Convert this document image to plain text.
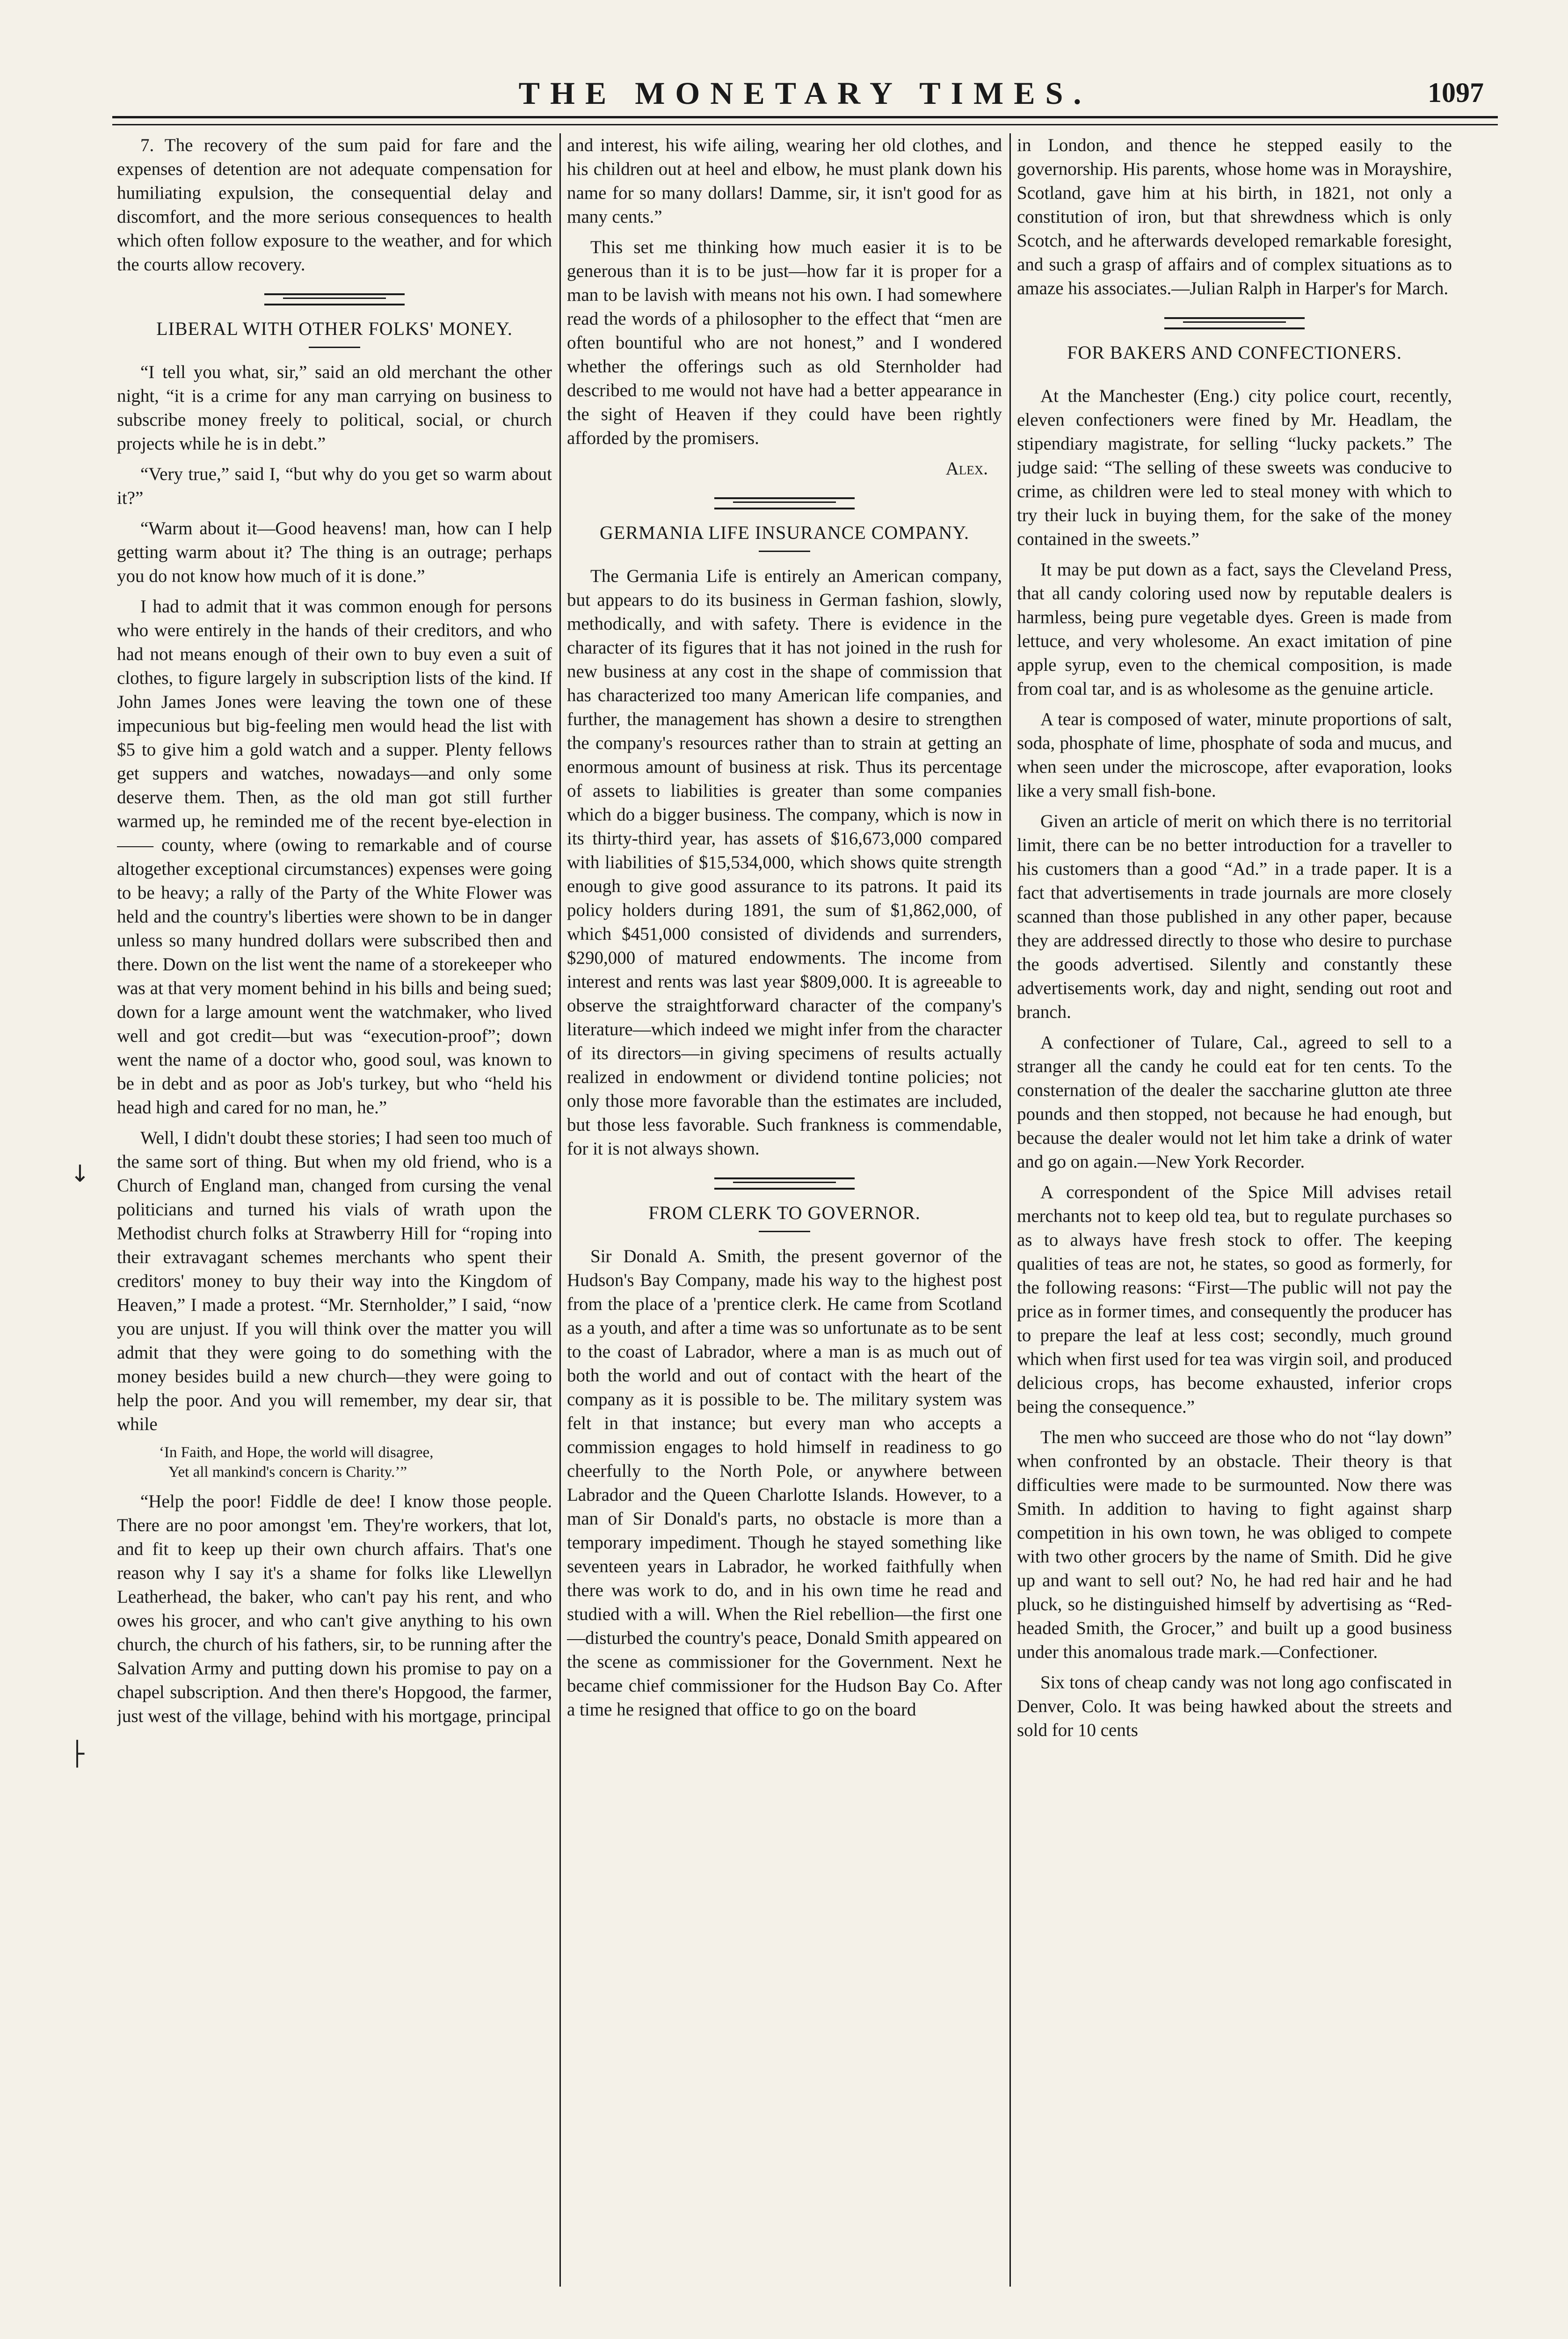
THE MONETARY TIMES.	1097
↓
├

7. The recovery of the sum paid for fare and the expenses of detention are not adequate compensation for humiliating expulsion, the consequential delay and discomfort, and the more serious consequences to health which often follow exposure to the weather, and for which the courts allow recovery.

LIBERAL WITH OTHER FOLKS' MONEY.

“I tell you what, sir,” said an old merchant the other night, “it is a crime for any man carrying on business to subscribe money freely to political, social, or church projects while he is in debt.”

“Very true,” said I, “but why do you get so warm about it?”

“Warm about it—Good heavens! man, how can I help getting warm about it? The thing is an outrage; perhaps you do not know how much of it is done.”

I had to admit that it was common enough for persons who were entirely in the hands of their creditors, and who had not means enough of their own to buy even a suit of clothes, to figure largely in subscription lists of the kind. If John James Jones were leaving the town one of these impecunious but big-feeling men would head the list with $5 to give him a gold watch and a supper. Plenty fellows get suppers and watches, nowadays—and only some deserve them. Then, as the old man got still further warmed up, he reminded me of the recent bye-election in —— county, where (owing to remarkable and of course altogether exceptional circumstances) expenses were going to be heavy; a rally of the Party of the White Flower was held and the country's liberties were shown to be in danger unless so many hundred dollars were subscribed then and there. Down on the list went the name of a storekeeper who was at that very moment behind in his bills and being sued; down for a large amount went the watchmaker, who lived well and got credit—but was “execution-proof”; down went the name of a doctor who, good soul, was known to be in debt and as poor as Job's turkey, but who “held his head high and cared for no man, he.”

Well, I didn't doubt these stories; I had seen too much of the same sort of thing. But when my old friend, who is a Church of England man, changed from cursing the venal politicians and turned his vials of wrath upon the Methodist church folks at Strawberry Hill for “roping into their extravagant schemes merchants who spent their creditors' money to buy their way into the Kingdom of Heaven,” I made a protest. “Mr. Sternholder,” I said, “now you are unjust. If you will think over the matter you will admit that they were going to do something with the money besides build a new church—they were going to help the poor. And you will remember, my dear sir, that while

‘In Faith, and Hope, the world will disagree,
Yet all mankind's concern is Charity.’”

“Help the poor! Fiddle de dee! I know those people. There are no poor amongst 'em. They're workers, that lot, and fit to keep up their own church affairs. That's one reason why I say it's a shame for folks like Llewellyn Leatherhead, the baker, who can't pay his rent, and who owes his grocer, and who can't give anything to his own church, the church of his fathers, sir, to be running after the Salvation Army and putting down his promise to pay on a chapel subscription. And then there's Hopgood, the farmer, just west of the village, behind with his mortgage, principal

and interest, his wife ailing, wearing her old clothes, and his children out at heel and elbow, he must plank down his name for so many dollars! Damme, sir, it isn't good for as many cents.”

This set me thinking how much easier it is to be generous than it is to be just—how far it is proper for a man to be lavish with means not his own. I had somewhere read the words of a philosopher to the effect that “men are often bountiful who are not honest,” and I wondered whether the offerings such as old Sternholder had described to me would not have had a better appearance in the sight of Heaven if they could have been rightly afforded by the promisers.

Alex.
GERMANIA LIFE INSURANCE COMPANY.

The Germania Life is entirely an American company, but appears to do its business in German fashion, slowly, methodically, and with safety. There is evidence in the character of its figures that it has not joined in the rush for new business at any cost in the shape of commission that has characterized too many American life companies, and further, the management has shown a desire to strengthen the company's resources rather than to strain at getting an enormous amount of business at risk. Thus its percentage of assets to liabilities is greater than some companies which do a bigger business. The company, which is now in its thirty-third year, has assets of $16,673,000 compared with liabilities of $15,534,000, which shows quite strength enough to give good assurance to its patrons. It paid its policy holders during 1891, the sum of $1,862,000, of which $451,000 consisted of dividends and surrenders, $290,000 of matured endowments. The income from interest and rents was last year $809,000. It is agreeable to observe the straightforward character of the company's literature—which indeed we might infer from the character of its directors—in giving specimens of results actually realized in endowment or dividend tontine policies; not only those more favorable than the estimates are included, but those less favorable. Such frankness is commendable, for it is not always shown.

FROM CLERK TO GOVERNOR.

Sir Donald A. Smith, the present governor of the Hudson's Bay Company, made his way to the highest post from the place of a 'prentice clerk. He came from Scotland as a youth, and after a time was so unfortunate as to be sent to the coast of Labrador, where a man is as much out of both the world and out of contact with the heart of the company as it is possible to be. The military system was felt in that instance; but every man who accepts a commission engages to hold himself in readiness to go cheerfully to the North Pole, or anywhere between Labrador and the Queen Charlotte Islands. However, to a man of Sir Donald's parts, no obstacle is more than a temporary impediment. Though he stayed something like seventeen years in Labrador, he worked faithfully when there was work to do, and in his own time he read and studied with a will. When the Riel rebellion—the first one—disturbed the country's peace, Donald Smith appeared on the scene as commissioner for the Government. Next he became chief commissioner for the Hudson Bay Co. After a time he resigned that office to go on the board

in London, and thence he stepped easily to the governorship. His parents, whose home was in Morayshire, Scotland, gave him at his birth, in 1821, not only a constitution of iron, but that shrewdness which is only Scotch, and he afterwards developed remarkable foresight, and such a grasp of affairs and of complex situations as to amaze his associates.—Julian Ralph in Harper's for March.

FOR BAKERS AND CONFECTIONERS.

At the Manchester (Eng.) city police court, recently, eleven confectioners were fined by Mr. Headlam, the stipendiary magistrate, for selling “lucky packets.” The judge said: “The selling of these sweets was conducive to crime, as children were led to steal money with which to try their luck in buying them, for the sake of the money contained in the sweets.”

It may be put down as a fact, says the Cleveland Press, that all candy coloring used now by reputable dealers is harmless, being pure vegetable dyes. Green is made from lettuce, and very wholesome. An exact imitation of pine apple syrup, even to the chemical composition, is made from coal tar, and is as wholesome as the genuine article.

A tear is composed of water, minute proportions of salt, soda, phosphate of lime, phosphate of soda and mucus, and when seen under the microscope, after evaporation, looks like a very small fish-bone.

Given an article of merit on which there is no territorial limit, there can be no better introduction for a traveller to his customers than a good “Ad.” in a trade paper. It is a fact that advertisements in trade journals are more closely scanned than those published in any other paper, because they are addressed directly to those who desire to purchase the goods advertised. Silently and constantly these advertisements work, day and night, sending out root and branch.

A confectioner of Tulare, Cal., agreed to sell to a stranger all the candy he could eat for ten cents. To the consternation of the dealer the saccharine glutton ate three pounds and then stopped, not because he had enough, but because the dealer would not let him take a drink of water and go on again.—New York Recorder.

A correspondent of the Spice Mill advises retail merchants not to keep old tea, but to regulate purchases so as to always have fresh stock to offer. The keeping qualities of teas are not, he states, so good as formerly, for the following reasons: “First—The public will not pay the price as in former times, and consequently the producer has to prepare the leaf at less cost; secondly, much ground which when first used for tea was virgin soil, and produced delicious crops, has become exhausted, inferior crops being the consequence.”

The men who succeed are those who do not “lay down” when confronted by an obstacle. Their theory is that difficulties were made to be surmounted. Now there was Smith. In addition to having to fight against sharp competition in his own town, he was obliged to compete with two other grocers by the name of Smith. Did he give up and want to sell out? No, he had red hair and he had pluck, so he distinguished himself by advertising as “Red-headed Smith, the Grocer,” and built up a good business under this anomalous trade mark.—Confectioner.

Six tons of cheap candy was not long ago confiscated in Denver, Colo. It was being hawked about the streets and sold for 10 cents
